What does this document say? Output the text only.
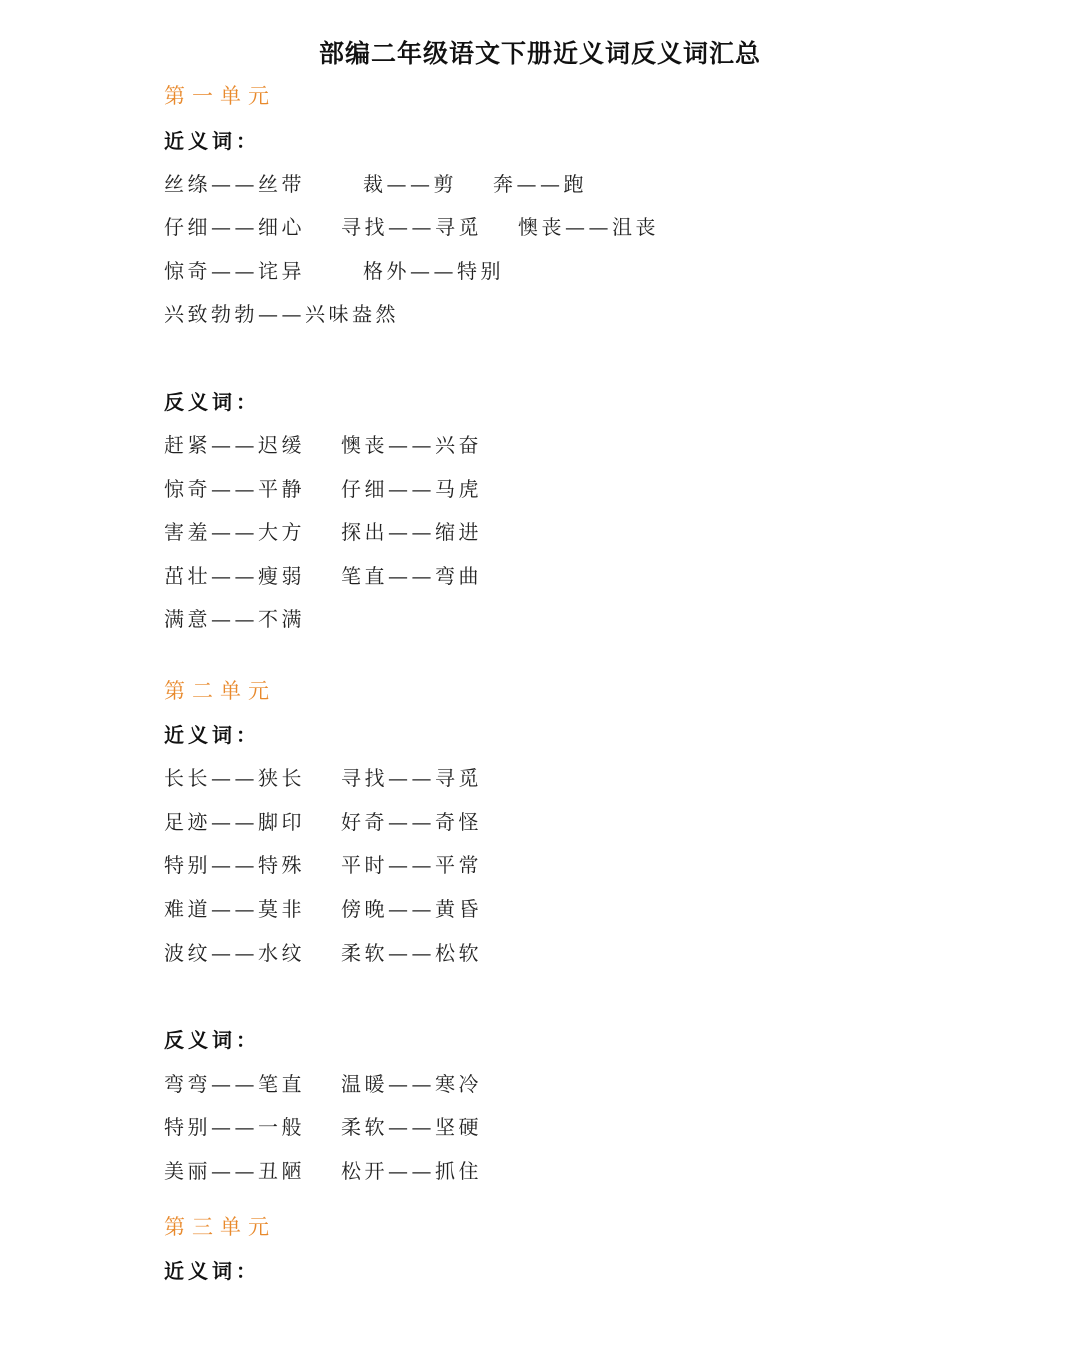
部编二年级语文下册近义词反义词汇总
第一单元
近义词：
丝绦——丝带	裁——剪 奔——跑
仔细——细心 寻找——寻觅 懊丧——沮丧
惊奇——诧异	格外——特别
兴致勃勃——兴味盎然
反义词：
赶紧——迟缓 懊丧——兴奋
惊奇——平静 仔细——马虎
害羞——大方 探出——缩进
茁壮——瘦弱 笔直——弯曲
满意——不满
第二单元
近义词：
长长——狭长 寻找——寻觅
足迹——脚印 好奇——奇怪
特别——特殊 平时——平常
难道——莫非 傍晚——黄昏
波纹——水纹 柔软——松软
反义词：
弯弯——笔直 温暖——寒冷
特别——一般 柔软——坚硬
美丽——丑陋 松开——抓住
第三单元
近义词：
